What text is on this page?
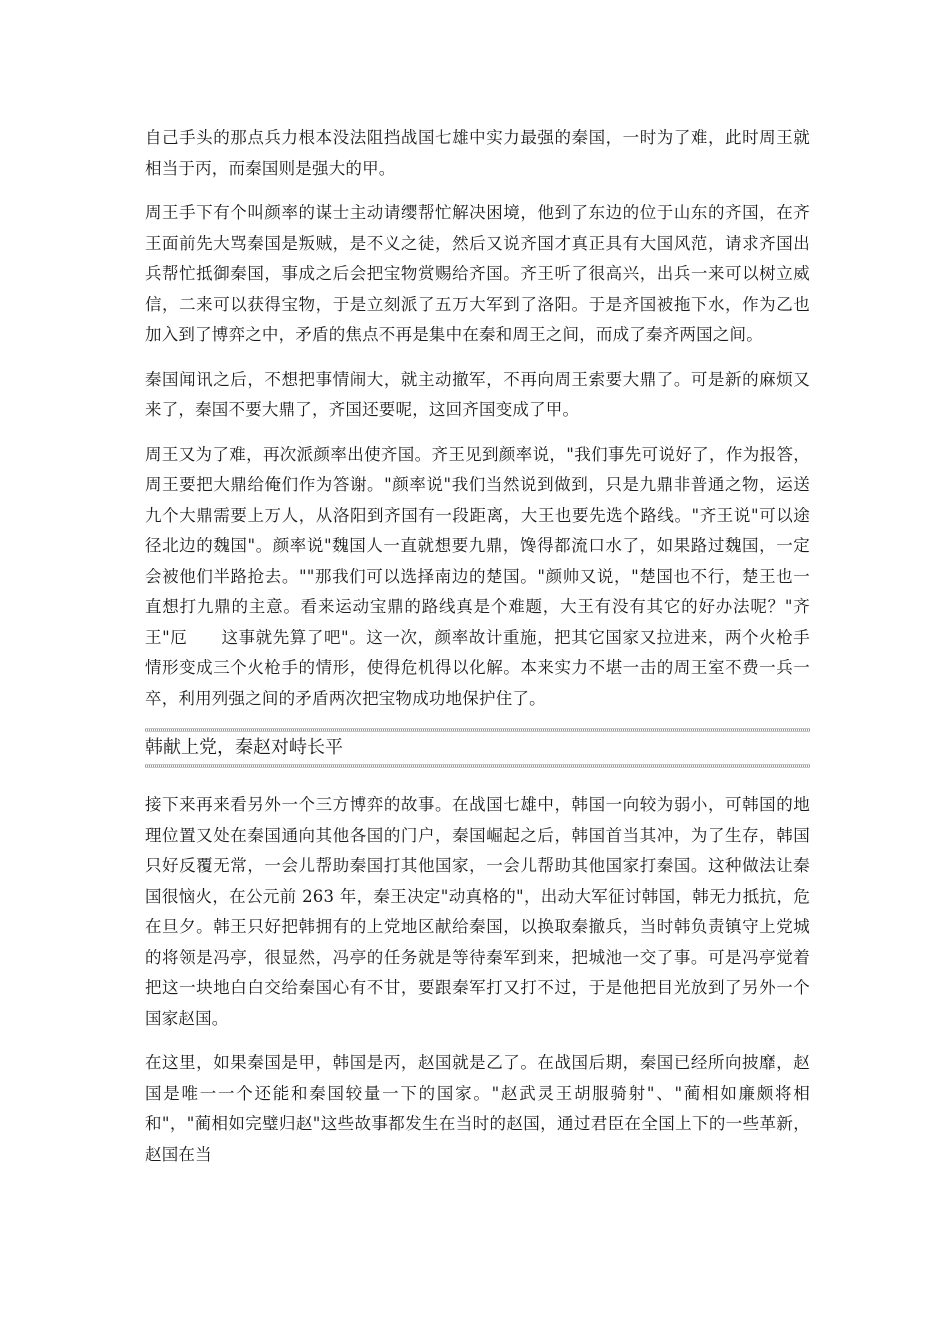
自己手头的那点兵力根本没法阻挡战国七雄中实力最强的秦国，一时为了难，此时周王就相当于丙，而秦国则是强大的甲。

周王手下有个叫颜率的谋士主动请缨帮忙解决困境，他到了东边的位于山东的齐国，在齐王面前先大骂秦国是叛贼，是不义之徒，然后又说齐国才真正具有大国风范，请求齐国出兵帮忙抵御秦国，事成之后会把宝物赏赐给齐国。齐王听了很高兴，出兵一来可以树立威信，二来可以获得宝物，于是立刻派了五万大军到了洛阳。于是齐国被拖下水，作为乙也加入到了博弈之中，矛盾的焦点不再是集中在秦和周王之间，而成了秦齐两国之间。

秦国闻讯之后，不想把事情闹大，就主动撤军，不再向周王索要大鼎了。可是新的麻烦又来了，秦国不要大鼎了，齐国还要呢，这回齐国变成了甲。

周王又为了难，再次派颜率出使齐国。齐王见到颜率说，"我们事先可说好了，作为报答，周王要把大鼎给俺们作为答谢。"颜率说"我们当然说到做到，只是九鼎非普通之物，运送九个大鼎需要上万人，从洛阳到齐国有一段距离，大王也要先选个路线。"齐王说"可以途径北边的魏国"。颜率说"魏国人一直就想要九鼎，馋得都流口水了，如果路过魏国，一定会被他们半路抢去。""那我们可以选择南边的楚国。"颜帅又说，"楚国也不行，楚王也一直想打九鼎的主意。看来运动宝鼎的路线真是个难题，大王有没有其它的好办法呢？"齐王"厄　　这事就先算了吧"。这一次，颜率故计重施，把其它国家又拉进来，两个火枪手情形变成三个火枪手的情形，使得危机得以化解。本来实力不堪一击的周王室不费一兵一卒，利用列强之间的矛盾两次把宝物成功地保护住了。

韩献上党，秦赵对峙长平

接下来再来看另外一个三方博弈的故事。在战国七雄中，韩国一向较为弱小，可韩国的地理位置又处在秦国通向其他各国的门户，秦国崛起之后，韩国首当其冲，为了生存，韩国只好反覆无常，一会儿帮助秦国打其他国家，一会儿帮助其他国家打秦国。这种做法让秦国很恼火，在公元前 263 年，秦王决定"动真格的"，出动大军征讨韩国，韩无力抵抗，危在旦夕。韩王只好把韩拥有的上党地区献给秦国，以换取秦撤兵，当时韩负责镇守上党城的将领是冯亭，很显然，冯亭的任务就是等待秦军到来，把城池一交了事。可是冯亭觉着把这一块地白白交给秦国心有不甘，要跟秦军打又打不过，于是他把目光放到了另外一个国家赵国。

在这里，如果秦国是甲，韩国是丙，赵国就是乙了。在战国后期，秦国已经所向披靡，赵国是唯一一个还能和秦国较量一下的国家。"赵武灵王胡服骑射"、"蔺相如廉颇将相和"，"蔺相如完璧归赵"这些故事都发生在当时的赵国，通过君臣在全国上下的一些革新，赵国在当
